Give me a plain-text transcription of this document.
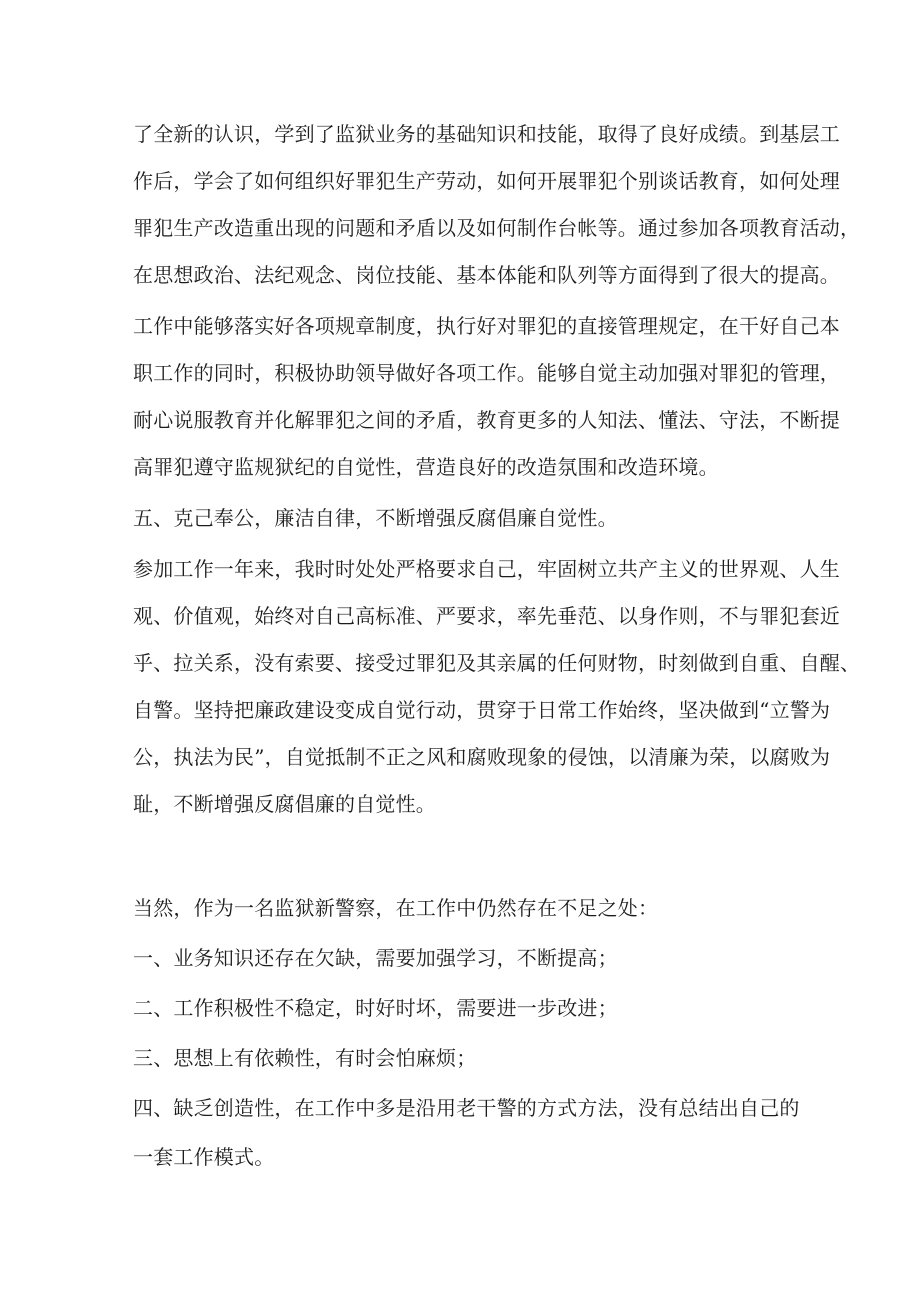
了全新的认识，学到了监狱业务的基础知识和技能，取得了良好成绩。到基层工
作后，学会了如何组织好罪犯生产劳动，如何开展罪犯个别谈话教育，如何处理
罪犯生产改造重出现的问题和矛盾以及如何制作台帐等。通过参加各项教育活动，
在思想政治、法纪观念、岗位技能、基本体能和队列等方面得到了很大的提高。
工作中能够落实好各项规章制度，执行好对罪犯的直接管理规定，在干好自己本
职工作的同时，积极协助领导做好各项工作。能够自觉主动加强对罪犯的管理，
耐心说服教育并化解罪犯之间的矛盾，教育更多的人知法、懂法、守法，不断提
高罪犯遵守监规狱纪的自觉性，营造良好的改造氛围和改造环境。
五、克己奉公，廉洁自律，不断增强反腐倡廉自觉性。
参加工作一年来，我时时处处严格要求自己，牢固树立共产主义的世界观、人生
观、价值观，始终对自己高标准、严要求，率先垂范、以身作则，不与罪犯套近
乎、拉关系，没有索要、接受过罪犯及其亲属的任何财物，时刻做到自重、自醒、
自警。坚持把廉政建设变成自觉行动，贯穿于日常工作始终，坚决做到“立警为
公，执法为民”，自觉抵制不正之风和腐败现象的侵蚀，以清廉为荣，以腐败为
耻，不断增强反腐倡廉的自觉性。
当然，作为一名监狱新警察，在工作中仍然存在不足之处：
一、业务知识还存在欠缺，需要加强学习，不断提高；
二、工作积极性不稳定，时好时坏，需要进一步改进；
三、思想上有依赖性，有时会怕麻烦；
四、缺乏创造性，在工作中多是沿用老干警的方式方法，没有总结出自己的
一套工作模式。
